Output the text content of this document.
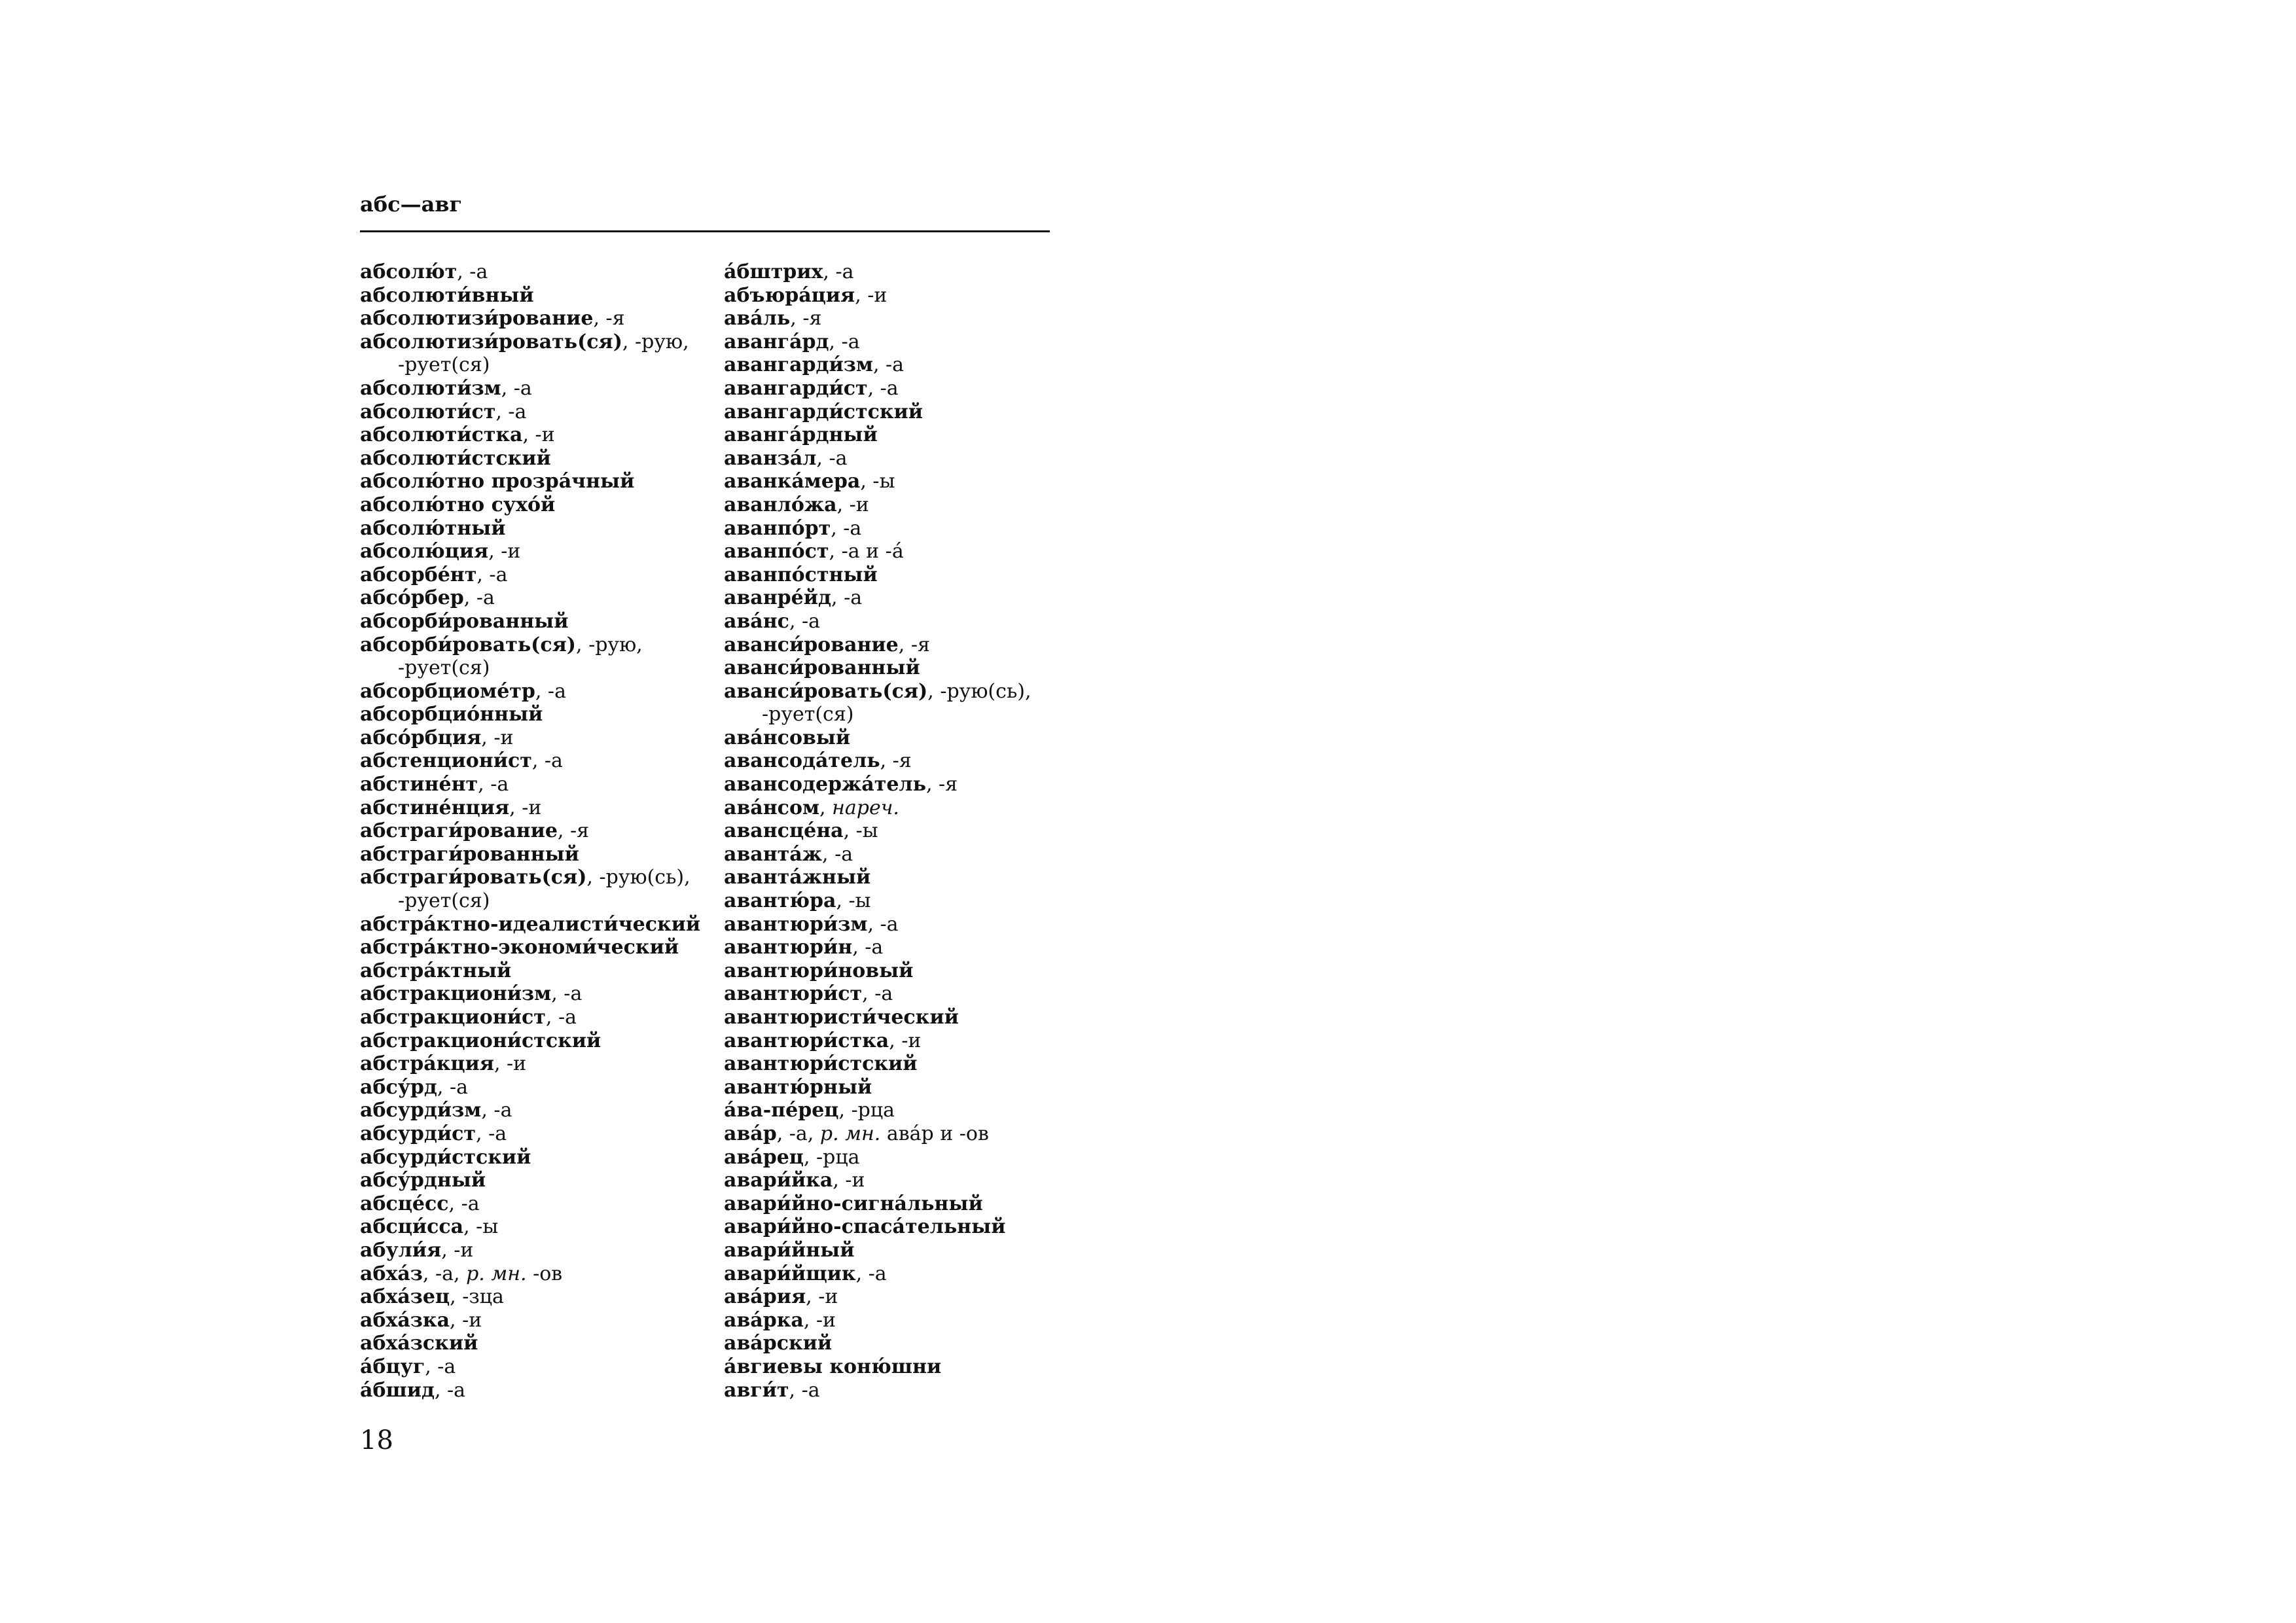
абс—авг
абсолю́т, -а
абсолюти́вный
абсолютизи́рование, -я
абсолютизи́ровать(ся), -рую,
-рует(ся)
абсолюти́зм, -а
абсолюти́ст, -а
абсолюти́стка, -и
абсолюти́стский
абсолю́тно прозра́чный
абсолю́тно сухо́й
абсолю́тный
абсолю́ция, -и
абсорбе́нт, -а
абсо́рбер, -а
абсорби́рованный
абсорби́ровать(ся), -рую,
-рует(ся)
абсорбциоме́тр, -а
абсорбцио́нный
абсо́рбция, -и
абстенциони́ст, -а
абстине́нт, -а
абстине́нция, -и
абстраги́рование, -я
абстраги́рованный
абстраги́ровать(ся), -рую(сь),
-рует(ся)
абстра́ктно-идеалисти́ческий
абстра́ктно-экономи́ческий
абстра́ктный
абстракциони́зм, -а
абстракциони́ст, -а
абстракциони́стский
абстра́кция, -и
абсу́рд, -а
абсурди́зм, -а
абсурди́ст, -а
абсурди́стский
абсу́рдный
абсце́сс, -а
абсци́сса, -ы
абули́я, -и
абха́з, -а, р. мн. -ов
абха́зец, -зца
абха́зка, -и
абха́зский
а́бцуг, -а
а́бшид, -а
а́бштрих, -а
абъюра́ция, -и
ава́ль, -я
аванга́рд, -а
авангарди́зм, -а
авангарди́ст, -а
авангарди́стский
аванга́рдный
аванза́л, -а
аванка́мера, -ы
аванло́жа, -и
аванпо́рт, -а
аванпо́ст, -а и -а́
аванпо́стный
аванре́йд, -а
ава́нс, -а
аванси́рование, -я
аванси́рованный
аванси́ровать(ся), -рую(сь),
-рует(ся)
ава́нсовый
авансода́тель, -я
авансодержа́тель, -я
ава́нсом, нареч.
авансце́на, -ы
аванта́ж, -а
аванта́жный
авантю́ра, -ы
авантюри́зм, -а
авантюри́н, -а
авантюри́новый
авантюри́ст, -а
авантюристи́ческий
авантюри́стка, -и
авантюри́стский
авантю́рный
а́ва-пе́рец, -рца
ава́р, -а, р. мн. ава́р и -ов
ава́рец, -рца
авари́йка, -и
авари́йно-сигна́льный
авари́йно-спаса́тельный
авари́йный
авари́йщик, -а
ава́рия, -и
ава́рка, -и
ава́рский
а́вгиевы коню́шни
авги́т, -а
18
